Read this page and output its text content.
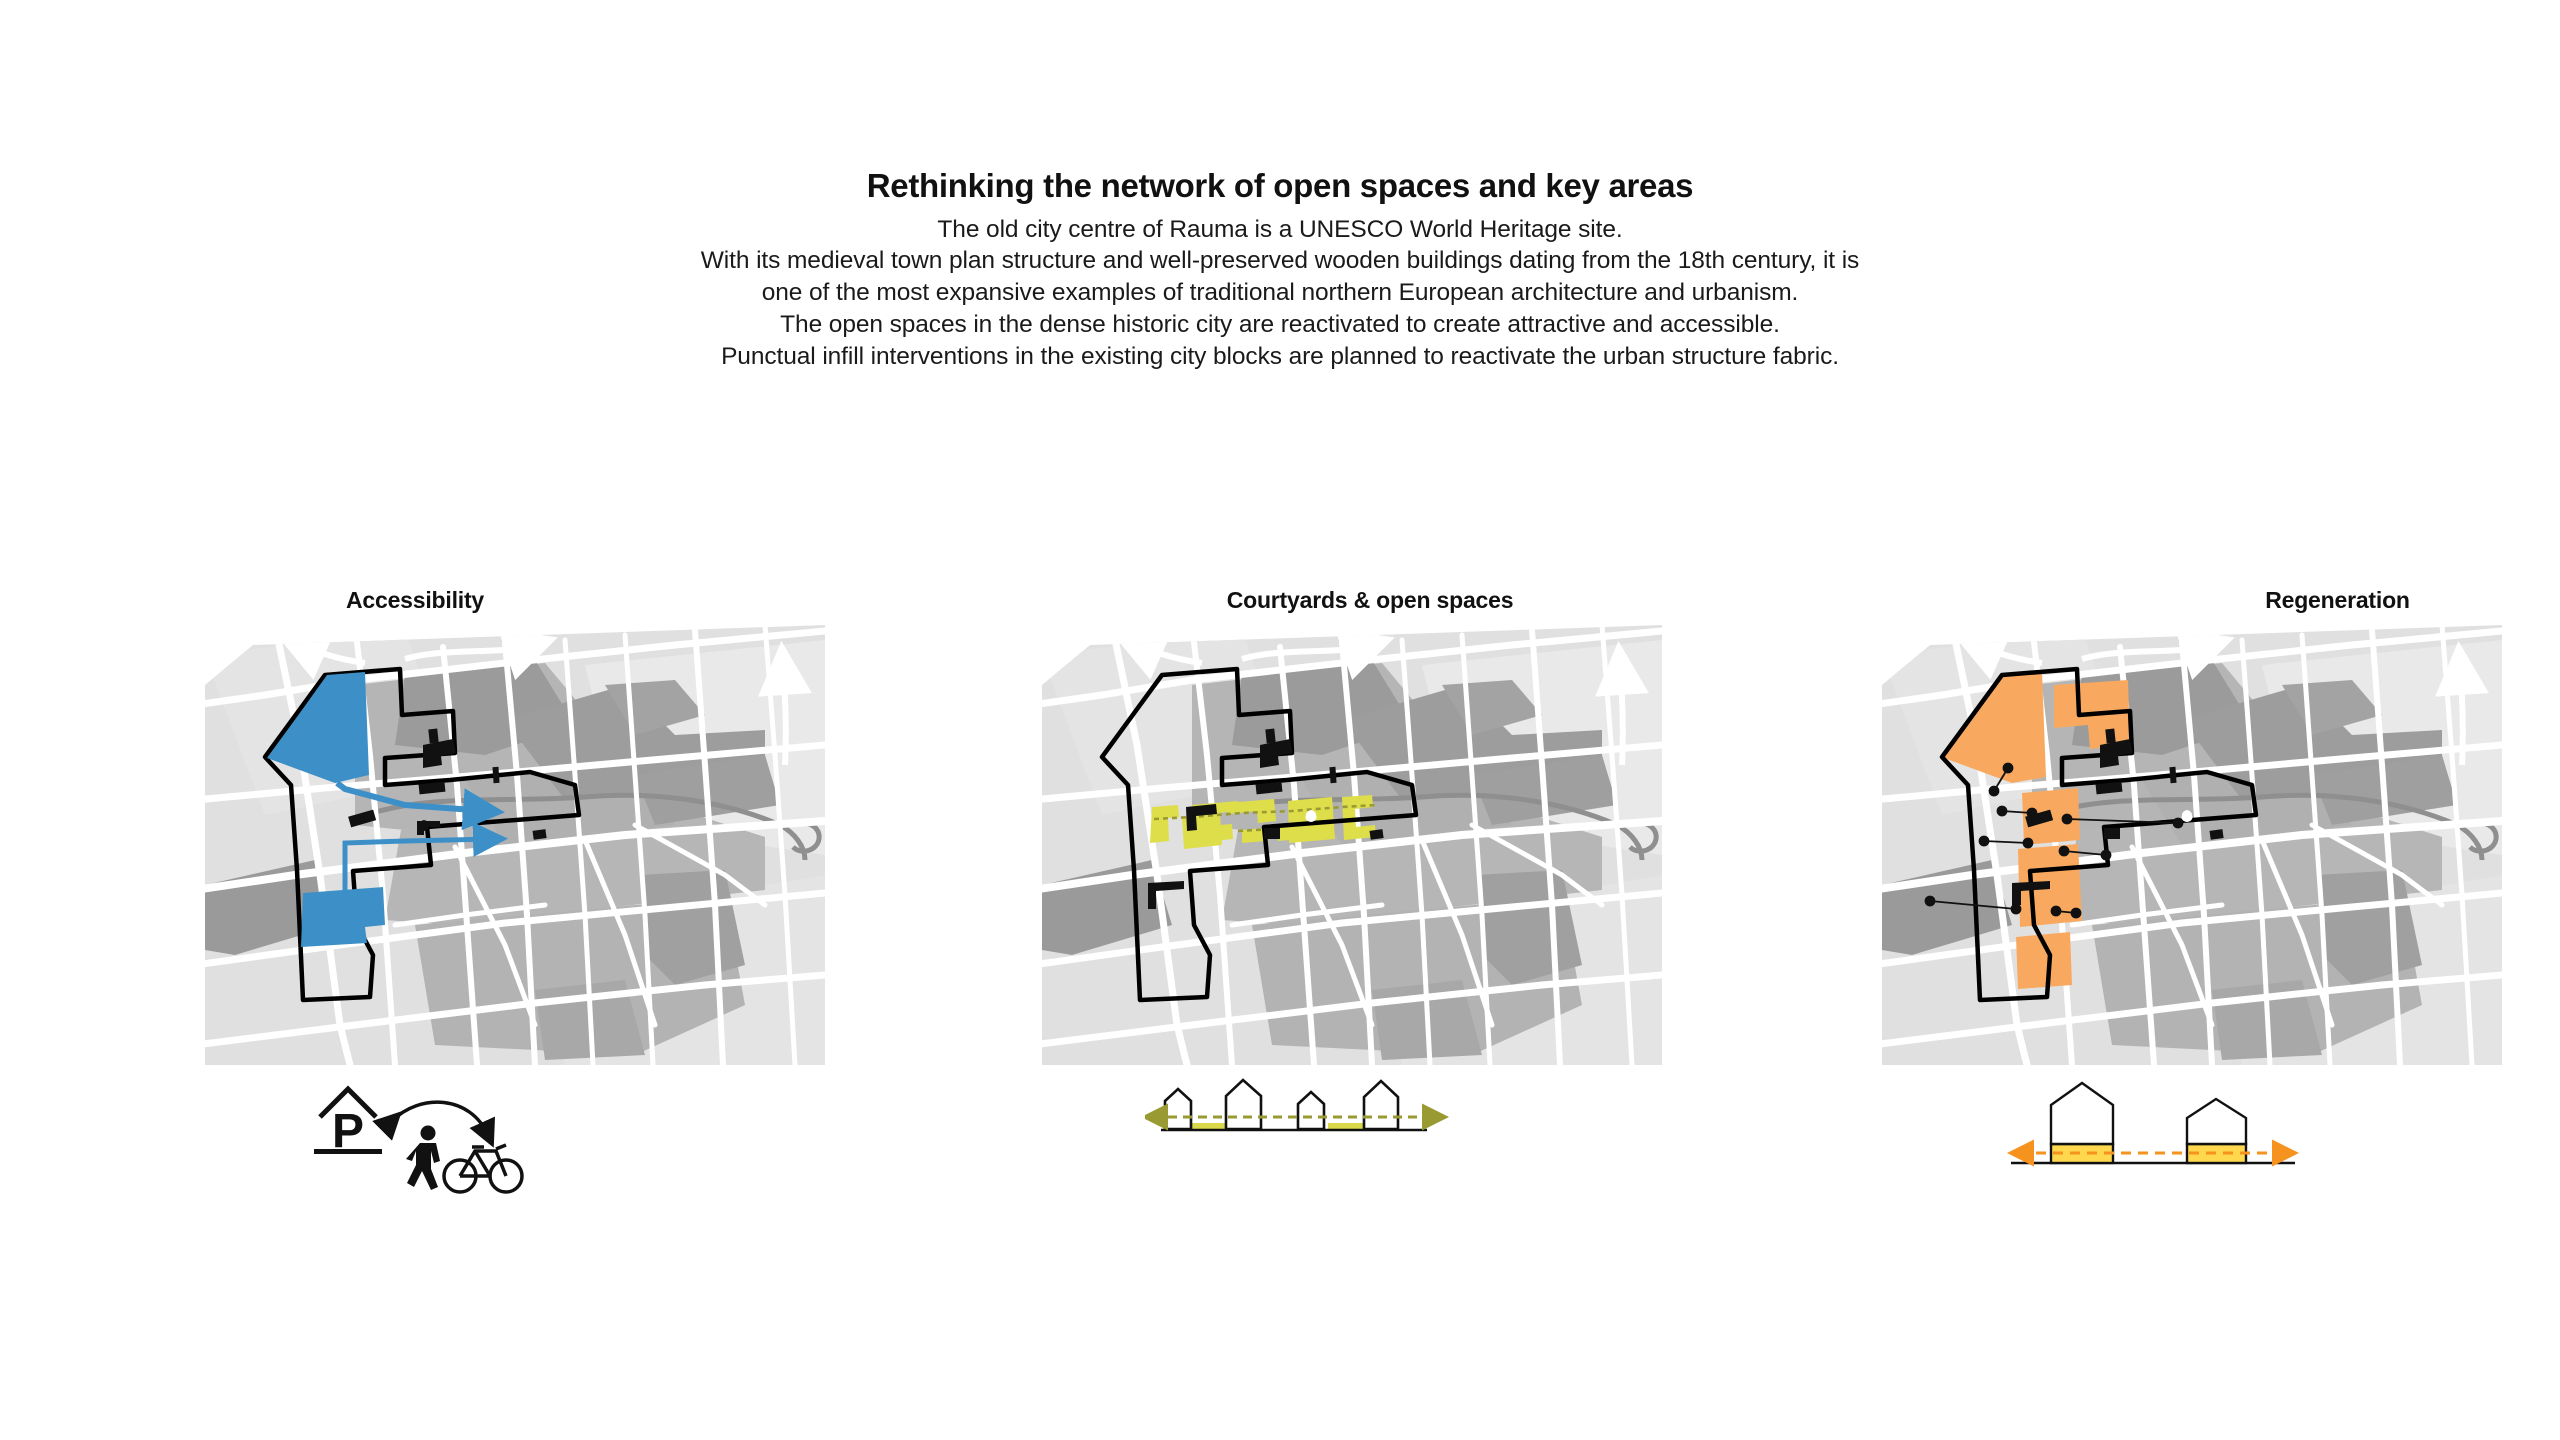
Rethinking the network of open spaces and key areas
The old city centre of Rauma is a UNESCO World Heritage site.
With its medieval town plan structure and well-preserved wooden buildings dating from the 18th century, it is
one of the most expansive examples of traditional northern European architecture and urbanism.
The open spaces in the dense historic city are reactivated to create attractive and accessible.
Punctual infill interventions in the existing city blocks are planned to reactivate the urban structure fabric.
Accessibility
P
Courtyards & open spaces	Regeneration
